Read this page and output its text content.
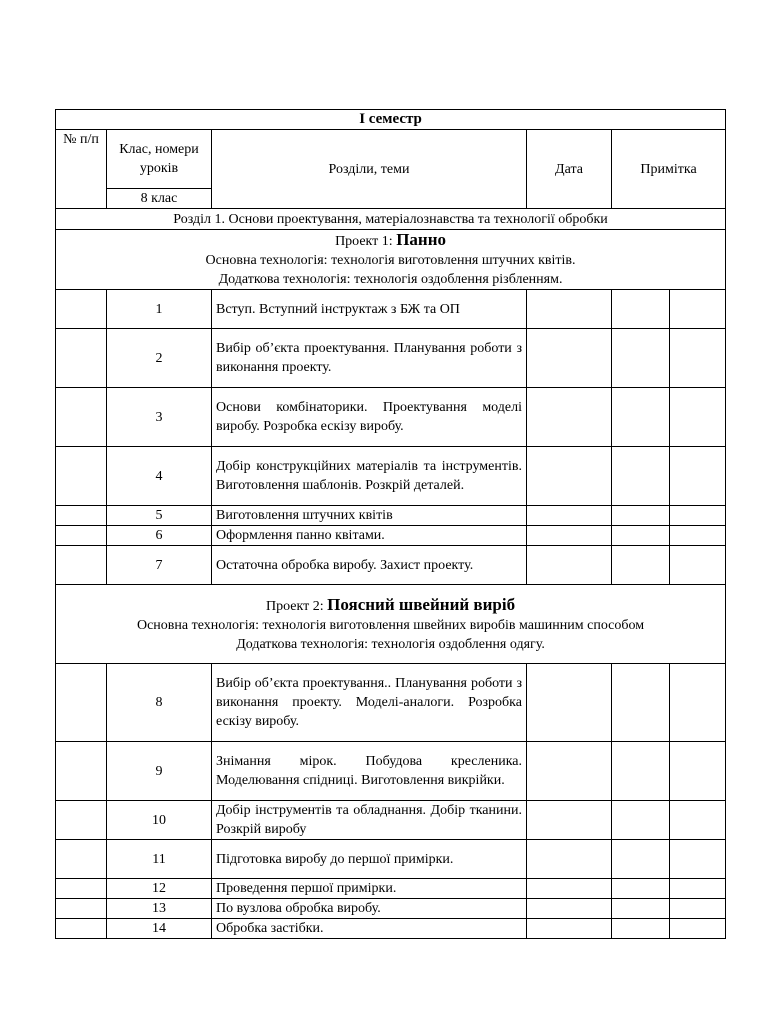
I семестр					
№ п/п	Клас, номери уроків	Розділи, теми	Дата	Примітка	
	8 клас				
Розділ 1. Основи проектування, матеріалознавства та технології обробки					

Проект 1: Панно
Основна технологія: технологія виготовлення штучних квітів.
Додаткова технологія: технологія оздоблення різбленням.					

	1	Вступ. Вступний інструктаж з БЖ та ОП			
	2	Вибір об’єкта проектування. Планування роботи з виконання проекту.			
	3	Основи комбінаторики. Проектування моделі виробу. Розробка ескізу виробу.			
	4	Добір конструкційних матеріалів та інструментів. Виготовлення шаблонів. Розкрій деталей.			
	5	Виготовлення штучних квітів			
	6	Оформлення панно квітами.			
	7	Остаточна обробка виробу. Захист проекту.			

Проект 2: Поясний швейний виріб
Основна технологія: технологія виготовлення швейних виробів машинним способом
Додаткова технологія: технологія оздоблення одягу.					

	8	Вибір об’єкта проектування.. Планування роботи з виконання проекту. Моделі-аналоги. Розробка ескізу виробу.			
	9	Знімання мірок. Побудова кресленика. Моделювання спідниці. Виготовлення викрійки.			
	10	Добір інструментів та обладнання. Добір тканини. Розкрій виробу			
	11	Підготовка виробу до першої примірки.			
	12	Проведення першої примірки.			
	13	По вузлова обробка виробу.			
	14	Обробка застібки.			
